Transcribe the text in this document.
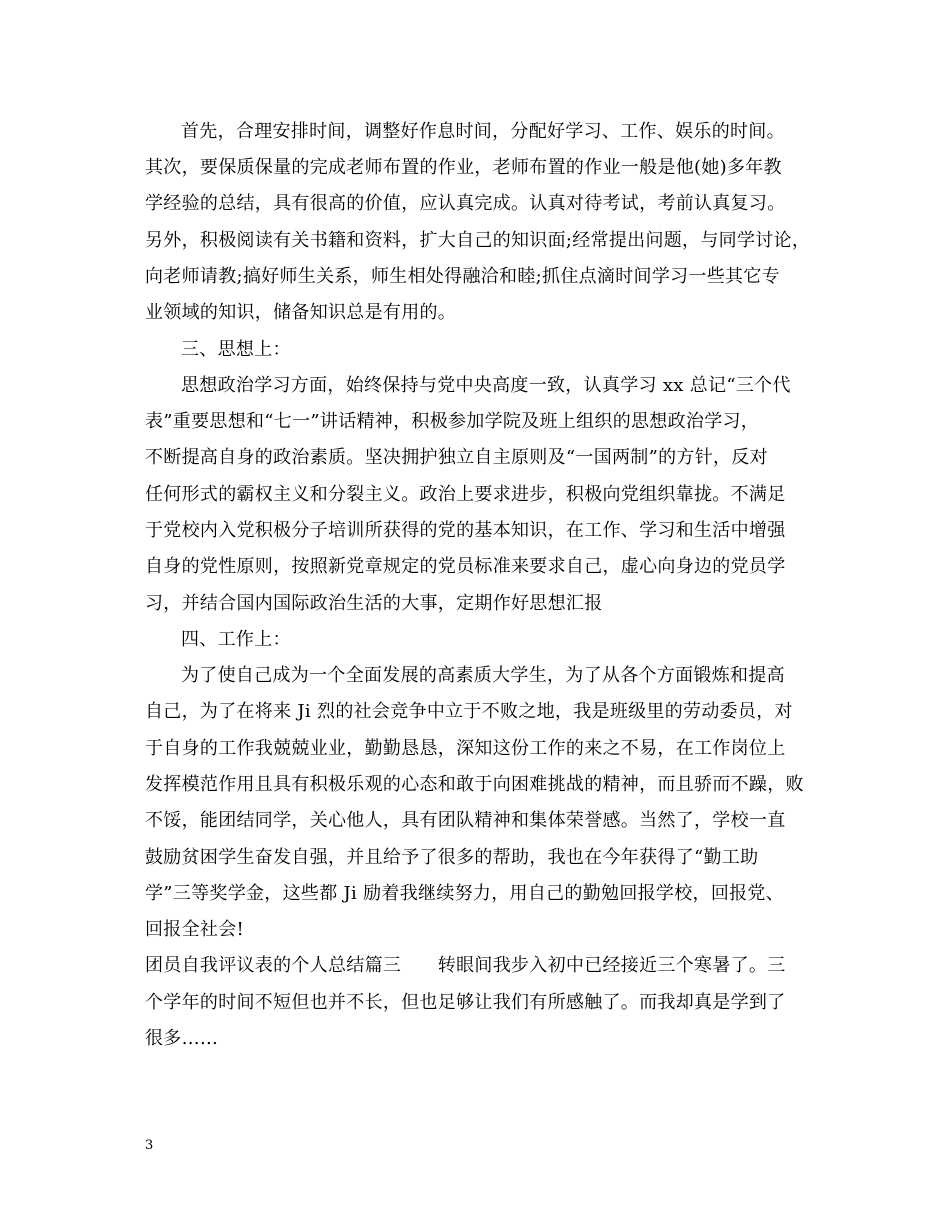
首先，合理安排时间，调整好作息时间，分配好学习、工作、娱乐的时间。
其次，要保质保量的完成老师布置的作业，老师布置的作业一般是他(她)多年教
学经验的总结，具有很高的价值，应认真完成。认真对待考试，考前认真复习。
另外，积极阅读有关书籍和资料，扩大自己的知识面;经常提出问题，与同学讨论，
向老师请教;搞好师生关系，师生相处得融洽和睦;抓住点滴时间学习一些其它专
业领域的知识，储备知识总是有用的。
三、思想上：
思想政治学习方面，始终保持与党中央高度一致，认真学习 xx 总记“三个代
表”重要思想和“七一”讲话精神，积极参加学院及班上组织的思想政治学习，
不断提高自身的政治素质。坚决拥护独立自主原则及“一国两制”的方针，反对
任何形式的霸权主义和分裂主义。政治上要求进步，积极向党组织靠拢。不满足
于党校内入党积极分子培训所获得的党的基本知识，在工作、学习和生活中增强
自身的党性原则，按照新党章规定的党员标准来要求自己，虚心向身边的党员学
习，并结合国内国际政治生活的大事，定期作好思想汇报
四、工作上：
为了使自己成为一个全面发展的高素质大学生，为了从各个方面锻炼和提高
自己，为了在将来 Ji 烈的社会竞争中立于不败之地，我是班级里的劳动委员，对
于自身的工作我兢兢业业，勤勤恳恳，深知这份工作的来之不易，在工作岗位上
发挥模范作用且具有积极乐观的心态和敢于向困难挑战的精神，而且骄而不躁，败
不馁，能团结同学，关心他人，具有团队精神和集体荣誉感。当然了，学校一直
鼓励贫困学生奋发自强，并且给予了很多的帮助，我也在今年获得了“勤工助
学”三等奖学金，这些都 Ji 励着我继续努力，用自己的勤勉回报学校，回报党、
回报全社会!
团员自我评议表的个人总结篇三　　转眼间我步入初中已经接近三个寒暑了。三
个学年的时间不短但也并不长，但也足够让我们有所感触了。而我却真是学到了
很多……
3
